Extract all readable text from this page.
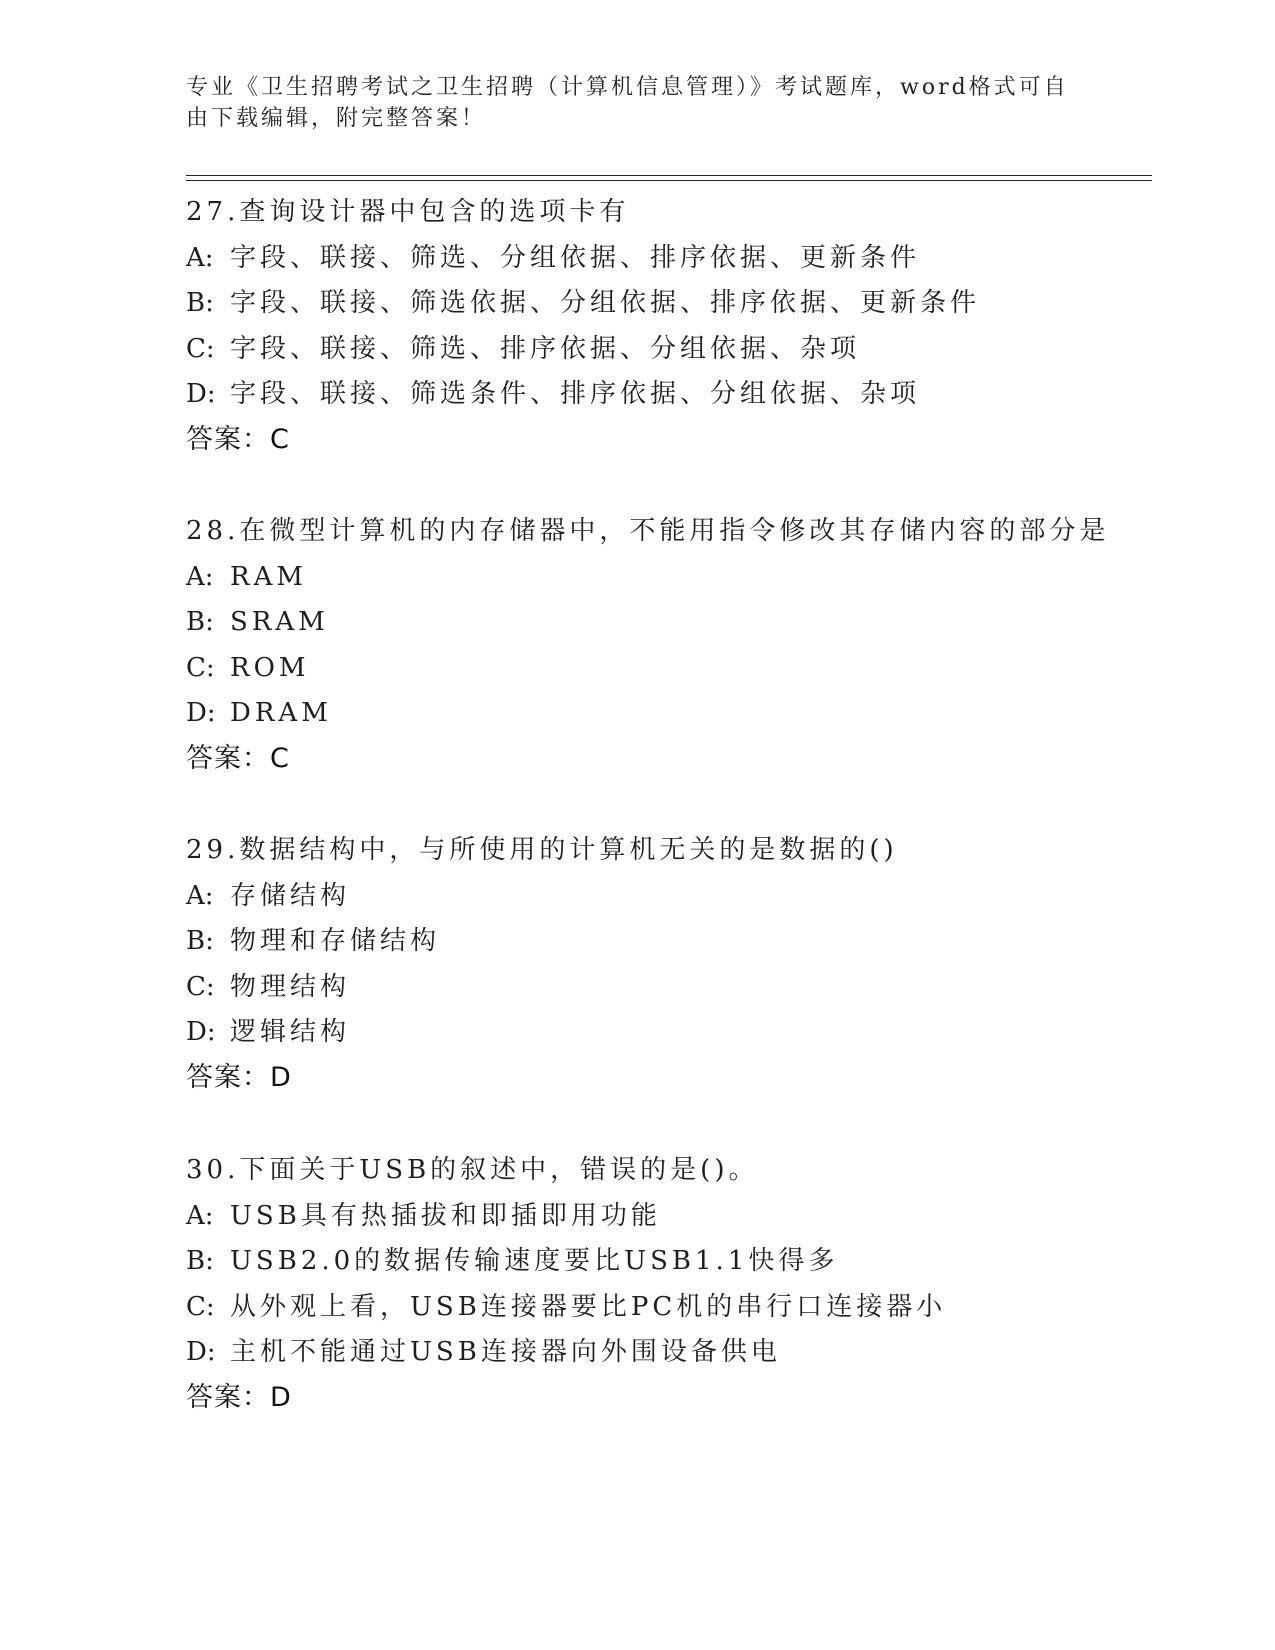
专业《卫生招聘考试之卫生招聘（计算机信息管理）》考试题库，word格式可自
由下载编辑，附完整答案！
27.查询设计器中包含的选项卡有
A: 字段、联接、筛选、分组依据、排序依据、更新条件
B: 字段、联接、筛选依据、分组依据、排序依据、更新条件
C: 字段、联接、筛选、排序依据、分组依据、杂项
D: 字段、联接、筛选条件、排序依据、分组依据、杂项
答案：C
28.在微型计算机的内存储器中，不能用指令修改其存储内容的部分是
A: RAM
B: SRAM
C: ROM
D: DRAM
答案：C
29.数据结构中，与所使用的计算机无关的是数据的()
A: 存储结构
B: 物理和存储结构
C: 物理结构
D: 逻辑结构
答案：D
30.下面关于USB的叙述中，错误的是()。
A: USB具有热插拔和即插即用功能
B: USB2.0的数据传输速度要比USB1.1快得多
C: 从外观上看，USB连接器要比PC机的串行口连接器小
D: 主机不能通过USB连接器向外围设备供电
答案：D
